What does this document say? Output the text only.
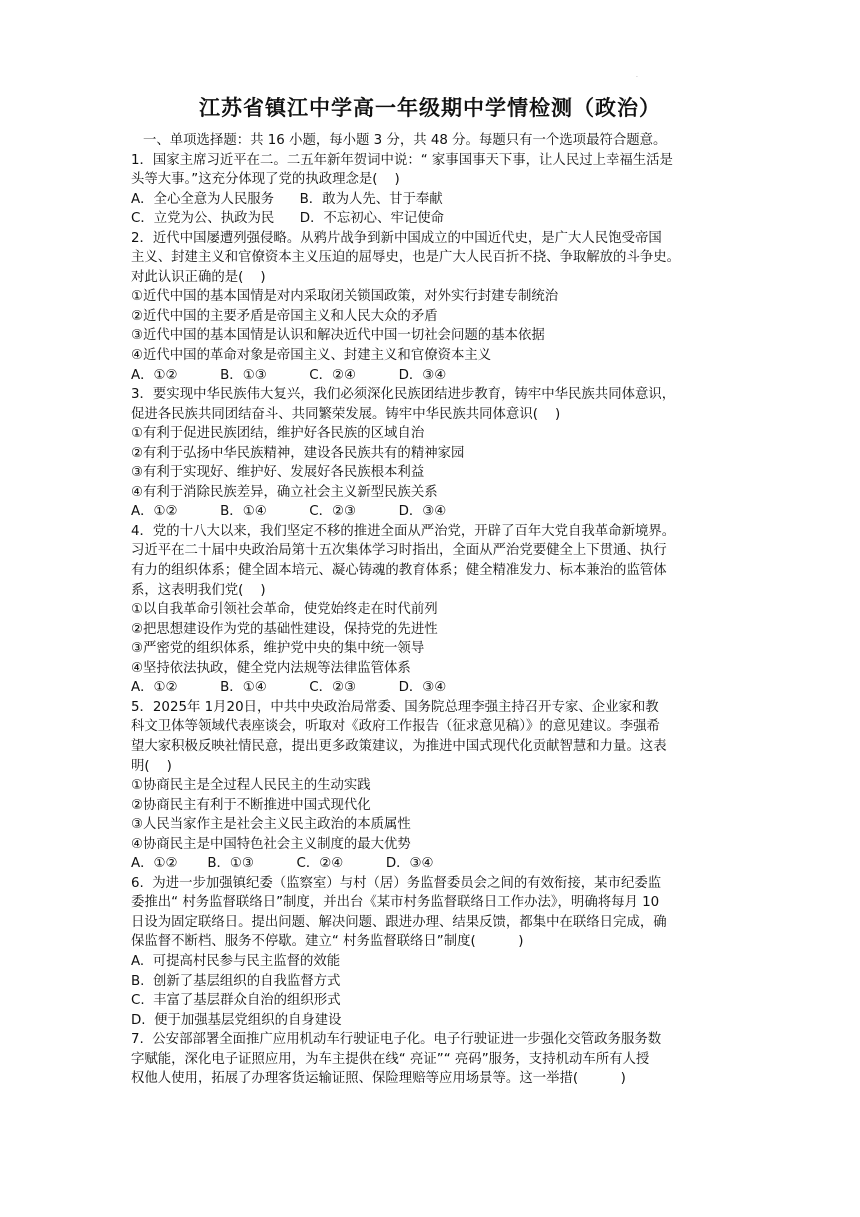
·
江苏省镇江中学高一年级期中学情检测（政治）
一、单项选择题：共 16 小题，每小题 3 分，共 48 分。每题只有一个选项最符合题意。
1．国家主席习近平在二。二五年新年贺词中说：“ 家事国事天下事，让人民过上幸福生活是
头等大事。”这充分体现了党的执政理念是(    )
A．全心全意为人民服务      B．敢为人先、甘于奉献
C．立党为公、执政为民      D．不忘初心、牢记使命
2．近代中国屡遭列强侵略。从鸦片战争到新中国成立的中国近代史，是广大人民饱受帝国
主义、封建主义和官僚资本主义压迫的屈辱史，也是广大人民百折不挠、争取解放的斗争史。
对此认识正确的是(    )
①近代中国的基本国情是对内采取闭关锁国政策，对外实行封建专制统治
②近代中国的主要矛盾是帝国主义和人民大众的矛盾
③近代中国的基本国情是认识和解决近代中国一切社会问题的基本依据
④近代中国的革命对象是帝国主义、封建主义和官僚资本主义
A．①②          B．①③          C．②④          D．③④
3．要实现中华民族伟大复兴，我们必须深化民族团结进步教育，铸牢中华民族共同体意识，
促进各民族共同团结奋斗、共同繁荣发展。铸牢中华民族共同体意识(    )
①有利于促进民族团结，维护好各民族的区域自治
②有利于弘扬中华民族精神，建设各民族共有的精神家园
③有利于实现好、维护好、发展好各民族根本利益
④有利于消除民族差异，确立社会主义新型民族关系
A．①②          B．①④          C．②③          D．③④
4．党的十八大以来，我们坚定不移的推进全面从严治党，开辟了百年大党自我革命新境界。
习近平在二十届中央政治局第十五次集体学习时指出，全面从严治党要健全上下贯通、执行
有力的组织体系；健全固本培元、凝心铸魂的教育体系；健全精准发力、标本兼治的监管体
系，这表明我们党(    )
①以自我革命引领社会革命，使党始终走在时代前列
②把思想建设作为党的基础性建设，保持党的先进性
③严密党的组织体系，维护党中央的集中统一领导
④坚持依法执政，健全党内法规等法律监管体系
A．①②          B．①④          C．②③          D．③④
5．2025年 1月20日，中共中央政治局常委、国务院总理李强主持召开专家、企业家和教
科文卫体等领域代表座谈会，听取对《政府工作报告（征求意见稿）》的意见建议。李强希
望大家积极反映社情民意，提出更多政策建议，为推进中国式现代化贡献智慧和力量。这表
明(    )
①协商民主是全过程人民民主的生动实践
②协商民主有利于不断推进中国式现代化
③人民当家作主是社会主义民主政治的本质属性
④协商民主是中国特色社会主义制度的最大优势
A．①②       B．①③          C．②④          D．③④
6.  为进一步加强镇纪委（监察室）与村（居）务监督委员会之间的有效衔接，某市纪委监
委推出“ 村务监督联络日”制度，并出台《某市村务监督联络日工作办法》，明确将每月 10
日设为固定联络日。提出问题、解决问题、跟进办理、结果反馈，都集中在联络日完成，确
保监督不断档、服务不停歇。建立“ 村务监督联络日”制度(          )
A.  可提高村民参与民主监督的效能
B.  创新了基层组织的自我监督方式
C.  丰富了基层群众自治的组织形式
D.  便于加强基层党组织的自身建设
7.  公安部部署全面推广应用机动车行驶证电子化。电子行驶证进一步强化交管政务服务数
字赋能，深化电子证照应用，为车主提供在线“ 亮证”“ 亮码”服务，支持机动车所有人授
权他人使用，拓展了办理客货运输证照、保险理赔等应用场景等。这一举措(          )
